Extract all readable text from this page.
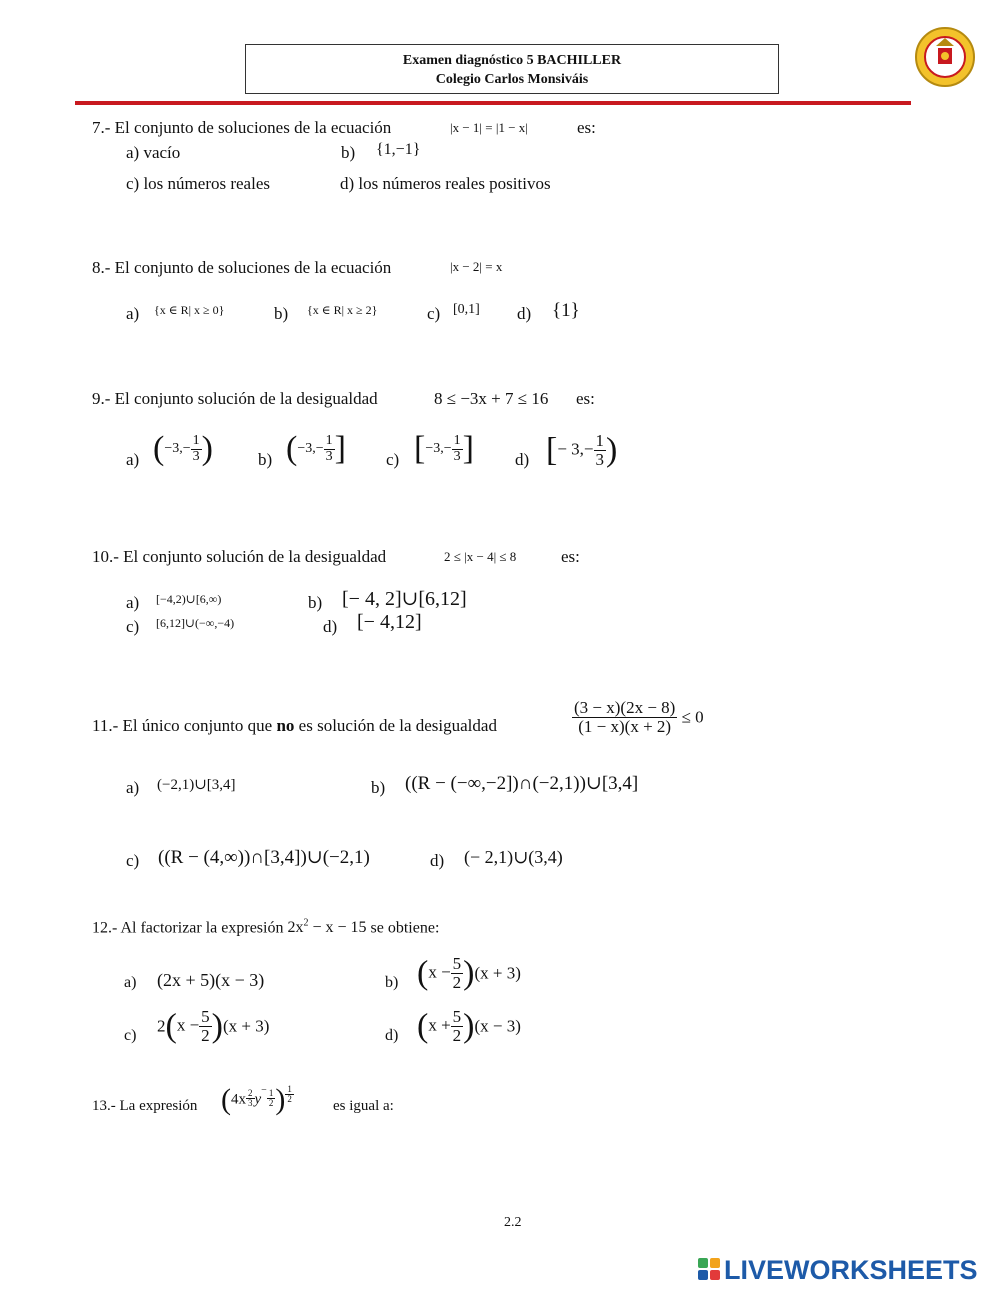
Examen diagnóstico 5 BACHILLER
Colegio Carlos Monsiváis
7.- El conjunto de soluciones de la ecuación	|x − 1| = |1 − x|	es:
a) vacío	b) {1,−1}
c) los números reales	d) los números reales positivos
8.- El conjunto de soluciones de la ecuación	|x − 2| = x
a) {x ∈ R| x ≥ 0}	b) {x ∈ R| x ≥ 2}	c) [0,1] d) {1}
9.- El conjunto solución de la desigualdad	8 ≤ −3x + 7 ≤ 16 es:
a) ($-3,- \frac{1}{3}$ )	b) ($-3,- \frac{1}{3}$ ] c) [$-3,- \frac{1}{3}$ ] d) [− $3,- \frac{1}{3}$ )
10.- El conjunto solución de la desigualdad	2 ≤ |x − 4| ≤ 8	es:
a) [−4,2)∪[6,∞)	b) [− 4, 2]∪[6,12]
c) [6,12]∪(−∞,−4)	d) [− 4,12]
11.- El único conjunto que no es solución de la desigualdad	$\frac{(3 - x)(2x - 8)}{(1 - x)(x + 2)} \le 0$
a) (−2,1)∪[3,4]	b) ((R − (−∞,−2])∩(−2,1))∪[3,4]
c) ((R − (4,∞))∩[3,4])∪(−2,1)	d) (− 2,1)∪(3,4)
12.- Al factorizar la expresión $2x^2 - x - 15$ se obtiene:
a) (2x + 5)(x − 3)	b) $(x - \frac{5}{2} )(x + 3)$
c)
$2(x - \frac{5}{2} )(x + 3)$
d) $(x + \frac{5}{2} )(x - 3)$
13.- La expresión ($4x \frac{2}{3} y^- \frac{1}{2}$ ) $\frac{1}{2}$
es igual a:
2.2
LIVEWORKSHEETS
